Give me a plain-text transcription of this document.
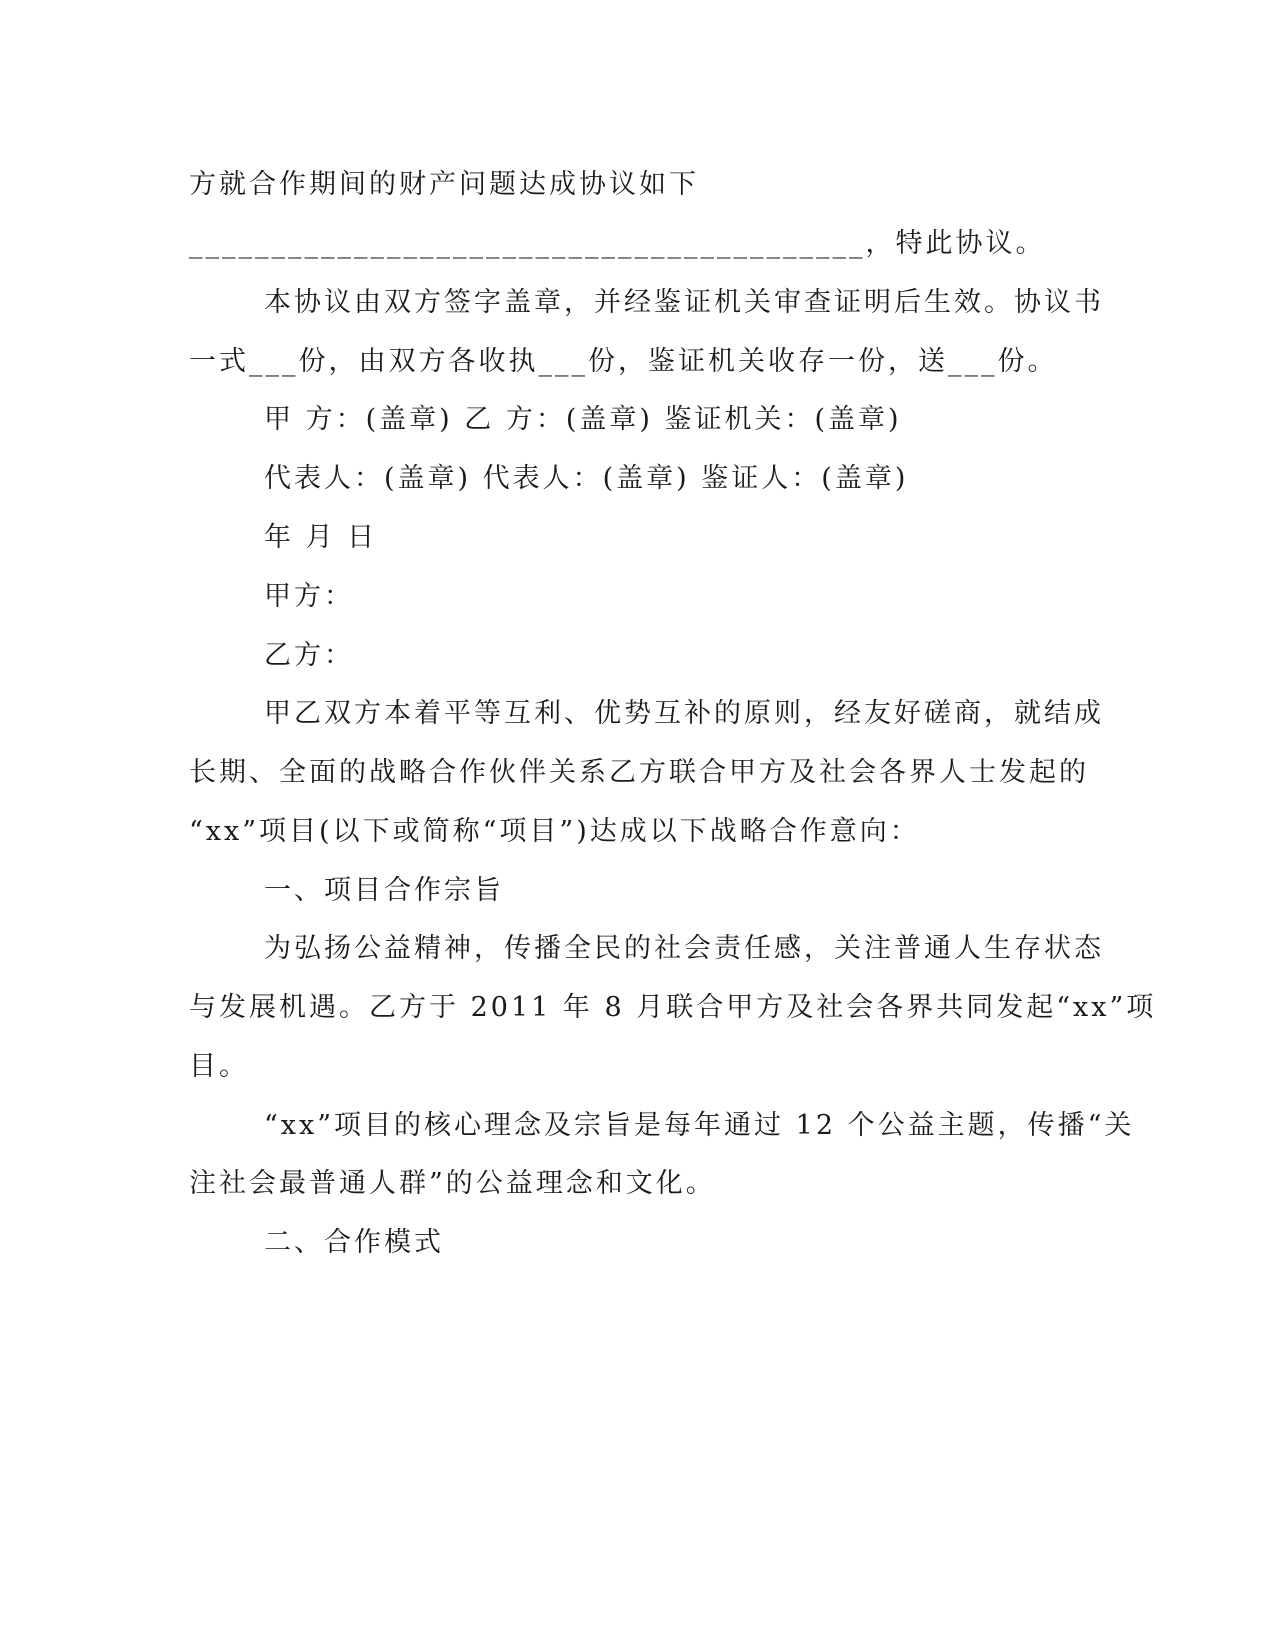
方就合作期间的财产问题达成协议如下
_________________________________________，特此协议。
本协议由双方签字盖章，并经鉴证机关审查证明后生效。协议书
一式___份，由双方各收执___份，鉴证机关收存一份，送___份。
甲 方：(盖章) 乙 方：(盖章) 鉴证机关：(盖章)
代表人：(盖章) 代表人：(盖章) 鉴证人：(盖章)
年 月 日
甲方：
乙方：
甲乙双方本着平等互利、优势互补的原则，经友好磋商，就结成
长期、全面的战略合作伙伴关系乙方联合甲方及社会各界人士发起的
“xx”项目(以下或简称“项目”)达成以下战略合作意向：
一、项目合作宗旨
为弘扬公益精神，传播全民的社会责任感，关注普通人生存状态
与发展机遇。乙方于 2011 年 8 月联合甲方及社会各界共同发起“xx”项
目。
“xx”项目的核心理念及宗旨是每年通过 12 个公益主题，传播“关
注社会最普通人群”的公益理念和文化。
二、合作模式
